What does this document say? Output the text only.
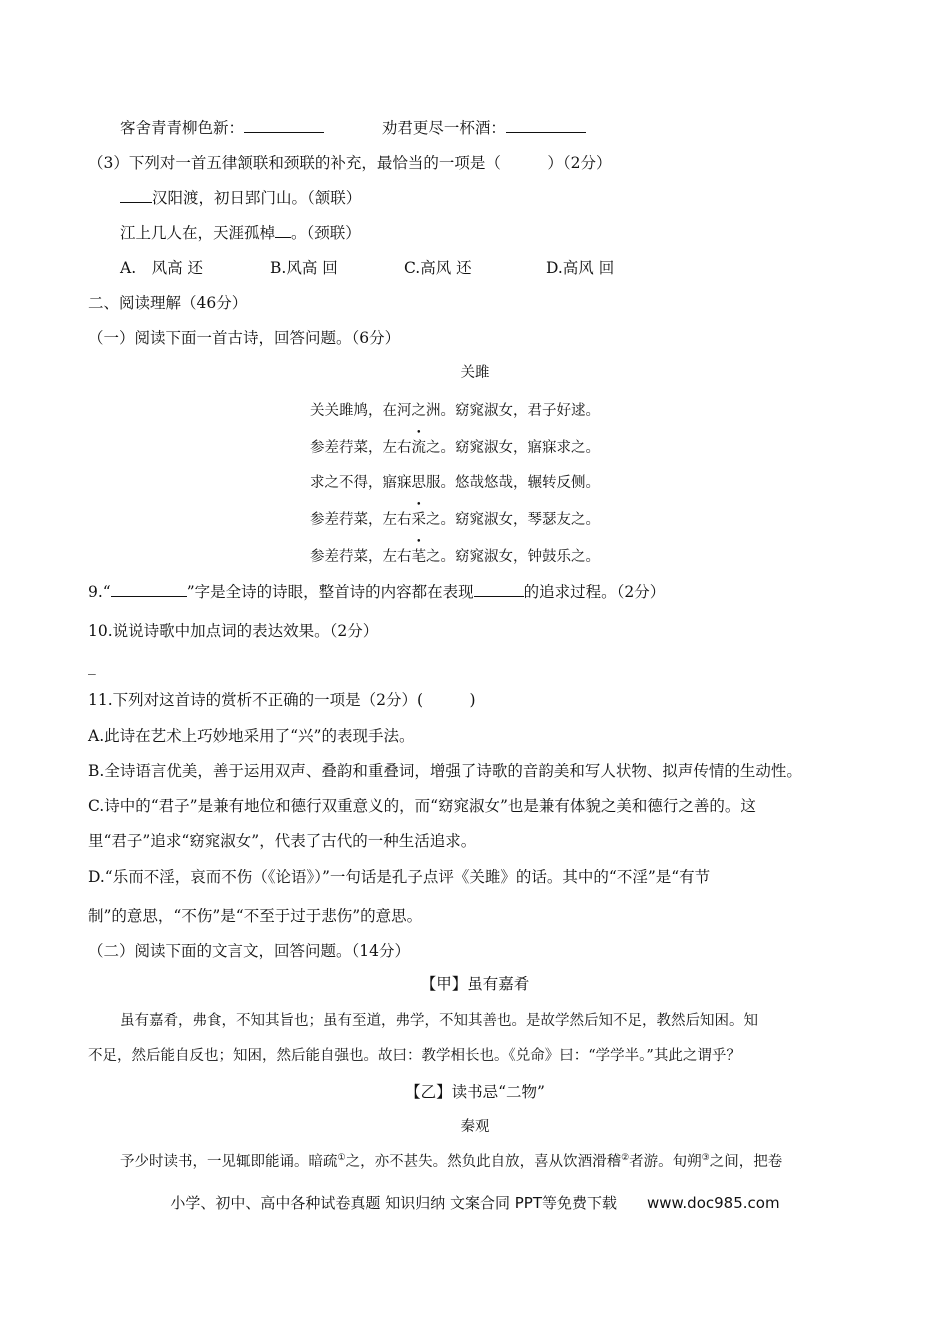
客舍青青柳色新：	劝君更尽一杯酒：
（3）下列对一首五律颔联和颈联的补充，最恰当的一项是（　　　）（2分）
汉阳渡，初日郢门山。（颔联）
江上几人在，天涯孤棹 。（颈联）
A.　风高 还	B.风高 回	C.高风 还	D.高风 回
二、阅读理解（46分）
（一）阅读下面一首古诗，回答问题。（6分）
关雎
关关雎鸠，在河之洲。窈窕淑女，君子好逑。
参差荇菜，左右流之。窈窕淑女，寤寐求之。
求之不得，寤寐思服。悠哉悠哉，辗转反侧。
参差荇菜，左右采之。窈窕淑女，琴瑟友之。
参差荇菜，左右芼之。窈窕淑女，钟鼓乐之。
9.“	”字是全诗的诗眼，整首诗的内容都在表现	的追求过程。（2分）
10.说说诗歌中加点词的表达效果。（2分）
_
11.下列对这首诗的赏析不正确的一项是（2分）(　　　)
A.此诗在艺术上巧妙地采用了“兴”的表现手法。
B.全诗语言优美，善于运用双声、叠韵和重叠词，增强了诗歌的音韵美和写人状物、拟声传情的生动性。
C.诗中的“君子”是兼有地位和德行双重意义的，而“窈窕淑女”也是兼有体貌之美和德行之善的。这
里“君子”追求“窈窕淑女”，代表了古代的一种生活追求。
D.“乐而不淫，哀而不伤（《论语》）”一句话是孔子点评《关雎》的话。其中的“不淫”是“有节
制”的意思，“不伤”是“不至于过于悲伤”的意思。
（二）阅读下面的文言文，回答问题。（14分）
【甲】虽有嘉肴
虽有嘉肴，弗食，不知其旨也；虽有至道，弗学，不知其善也。是故学然后知不足，教然后知困。知
不足，然后能自反也；知困，然后能自强也。故曰：教学相长也。《兑命》曰：“学学半。”其此之谓乎？
【乙】读书忌“二物”
秦观
予少时读书，一见辄即能诵。暗疏①之，亦不甚失。然负此自放，喜从饮酒滑稽②者游。旬朔③之间，把卷
小学、初中、高中各种试卷真题 知识归纳 文案合同 PPT等免费下载 www.doc985.com
